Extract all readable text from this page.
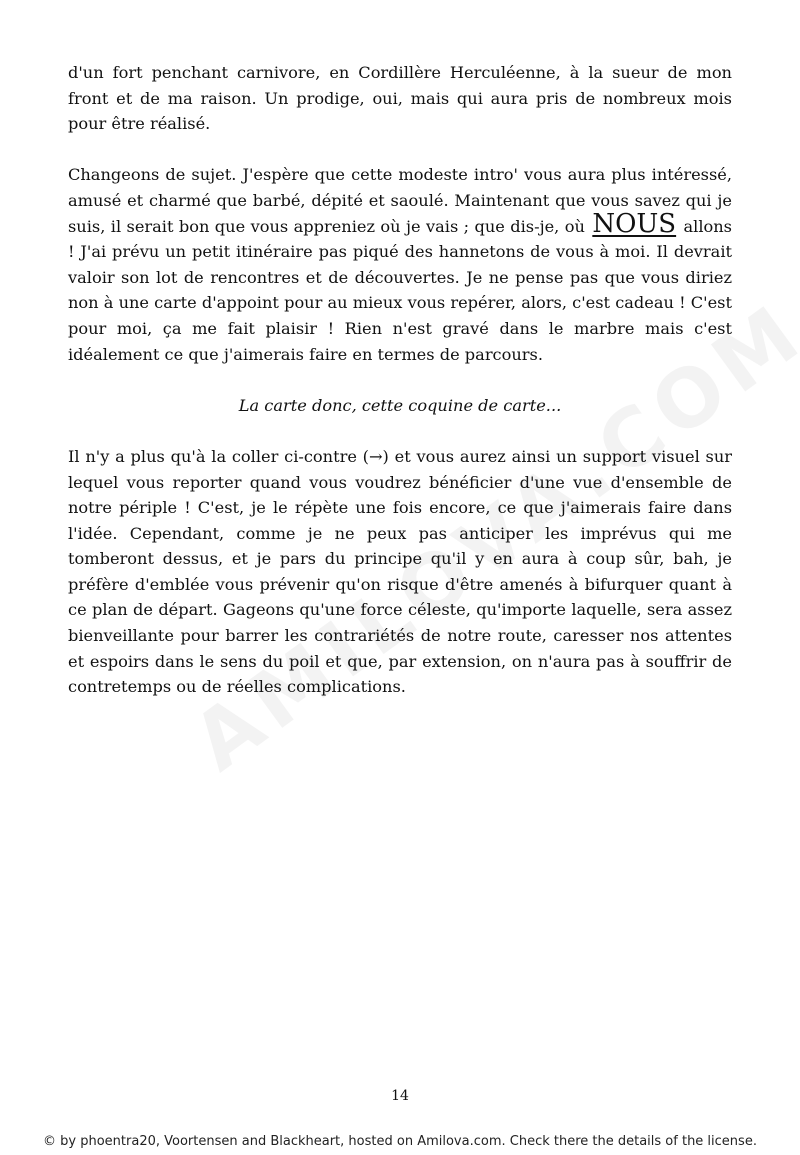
d'un fort penchant carnivore, en Cordillère Herculéenne, à la sueur de mon front et de ma raison. Un prodige, oui, mais qui aura pris de nombreux mois pour être réalisé.

Changeons de sujet. J'espère que cette modeste intro' vous aura plus intéressé, amusé et charmé que barbé, dépité et saoulé. Maintenant que vous savez qui je suis, il serait bon que vous appreniez où je vais ; que dis-je, où NOUS allons ! J'ai prévu un petit itinéraire pas piqué des hannetons de vous à moi. Il devrait valoir son lot de rencontres et de découvertes. Je ne pense pas que vous diriez non à une carte d'appoint pour au mieux vous repérer, alors, c'est cadeau ! C'est pour moi, ça me fait plaisir ! Rien n'est gravé dans le marbre mais c'est idéalement ce que j'aimerais faire en termes de parcours.

La carte donc, cette coquine de carte...

Il n'y a plus qu'à la coller ci-contre (→) et vous aurez ainsi un support visuel sur lequel vous reporter quand vous voudrez bénéficier d'une vue d'ensemble de notre périple ! C'est, je le répète une fois encore, ce que j'aimerais faire dans l'idée. Cependant, comme je ne peux pas anticiper les imprévus qui me tomberont dessus, et je pars du principe qu'il y en aura à coup sûr, bah, je préfère d'emblée vous prévenir qu'on risque d'être amenés à bifurquer quant à ce plan de départ. Gageons qu'une force céleste, qu'importe laquelle, sera assez bienveillante pour barrer les contrariétés de notre route, caresser nos attentes et espoirs dans le sens du poil et que, par extension, on n'aura pas à souffrir de contretemps ou de réelles complications.

14
© by phoentra20, Voortensen and Blackheart, hosted on Amilova.com. Check there the details of the license.
